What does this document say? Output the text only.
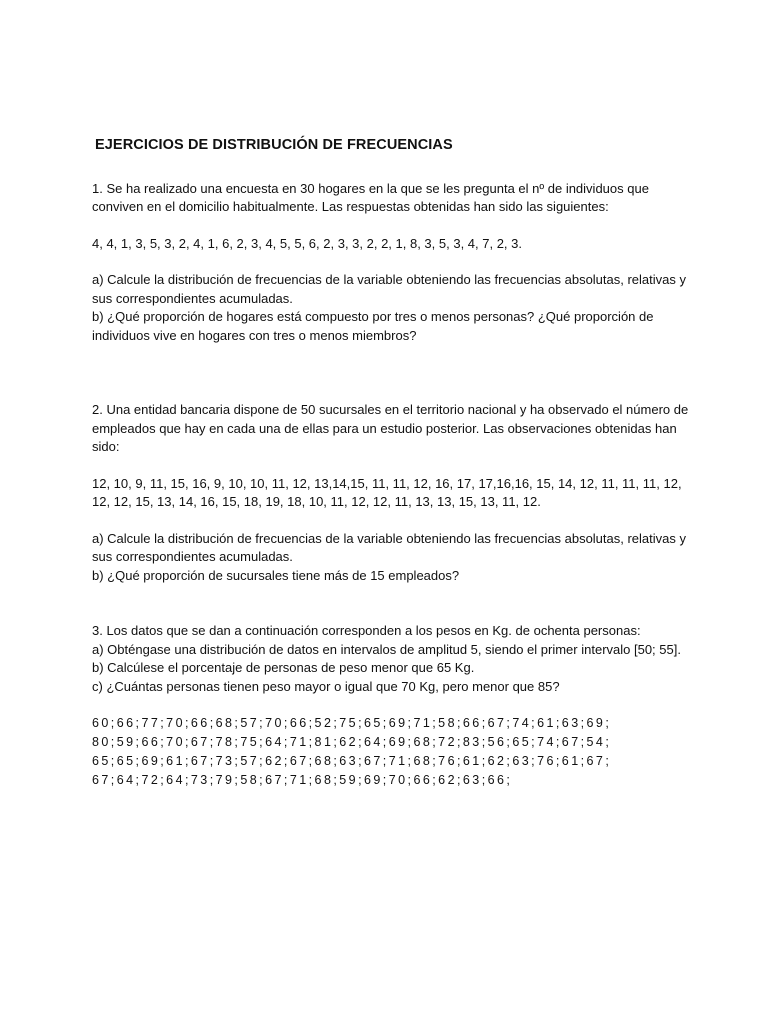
EJERCICIOS DE DISTRIBUCIÓN DE FRECUENCIAS

1. Se ha realizado una encuesta en 30 hogares en la que se les pregunta el nº de individuos que conviven en el domicilio habitualmente. Las respuestas obtenidas han sido las siguientes:

4, 4, 1, 3, 5, 3, 2, 4, 1, 6, 2, 3, 4, 5, 5, 6, 2, 3, 3, 2, 2, 1, 8, 3, 5, 3, 4, 7, 2, 3.

a) Calcule la distribución de frecuencias de la variable obteniendo las frecuencias absolutas, relativas y sus correspondientes acumuladas.

b) ¿Qué proporción de hogares está compuesto por tres o menos personas? ¿Qué proporción de individuos vive en hogares con tres o menos miembros?

2. Una entidad bancaria dispone de 50 sucursales en el territorio nacional y ha observado el número de empleados que hay en cada una de ellas para un estudio posterior. Las observaciones obtenidas han sido:

12, 10, 9, 11, 15, 16, 9, 10, 10, 11, 12, 13,14,15, 11, 11, 12, 16, 17, 17,16,16, 15, 14, 12, 11, 11, 11, 12, 12, 12, 15, 13, 14, 16, 15, 18, 19, 18, 10, 11, 12, 12, 11, 13, 13, 15, 13, 11, 12.

a) Calcule la distribución de frecuencias de la variable obteniendo las frecuencias absolutas, relativas y sus correspondientes acumuladas.

b) ¿Qué proporción de sucursales tiene más de 15 empleados?

3. Los datos que se dan a continuación corresponden a los pesos en Kg. de ochenta personas:

a) Obténgase una distribución de datos en intervalos de amplitud 5, siendo el primer intervalo [50; 55].

b) Calcúlese el porcentaje de personas de peso menor que 65 Kg.

c) ¿Cuántas personas tienen peso mayor o igual que 70 Kg, pero menor que 85?

60;66;77;70;66;68;57;70;66;52;75;65;69;71;58;66;67;74;61;63;69;
80;59;66;70;67;78;75;64;71;81;62;64;69;68;72;83;56;65;74;67;54;
65;65;69;61;67;73;57;62;67;68;63;67;71;68;76;61;62;63;76;61;67;
67;64;72;64;73;79;58;67;71;68;59;69;70;66;62;63;66;
